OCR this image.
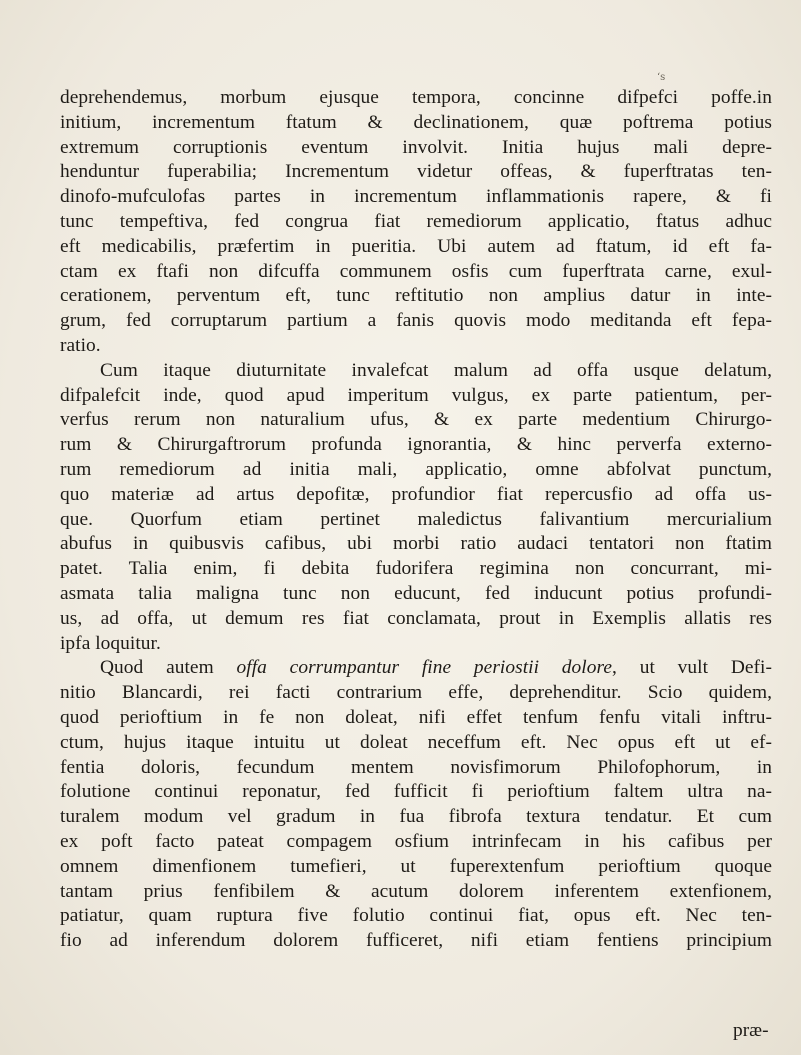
‘s
deprehendemus, morbum ejusque tempora, concinne difpefci poffe.in
initium, incrementum ftatum & declinationem, quæ poftrema potius
extremum corruptionis eventum involvit. Initia hujus mali depre-
henduntur fuperabilia; Incrementum videtur offeas, & fuperftratas ten-
dinofo-mufculofas partes in incrementum inflammationis rapere, & fi
tunc tempeftiva, fed congrua fiat remediorum applicatio, ftatus adhuc
eft medicabilis, præfertim in pueritia. Ubi autem ad ftatum, id eft fa-
ctam ex ftafi non difcuffa communem osfis cum fuperftrata carne, exul-
cerationem, perventum eft, tunc reftitutio non amplius datur in inte-
grum, fed corruptarum partium a fanis quovis modo meditanda eft fepa-
ratio.
Cum itaque diuturnitate invalefcat malum ad offa usque delatum,
difpalefcit inde, quod apud imperitum vulgus, ex parte patientum, per-
verfus rerum non naturalium ufus, & ex parte medentium Chirurgo-
rum & Chirurgaftrorum profunda ignorantia, & hinc perverfa externo-
rum remediorum ad initia mali, applicatio, omne abfolvat punctum,
quo materiæ ad artus depofitæ, profundior fiat repercusfio ad offa us-
que. Quorfum etiam pertinet maledictus falivantium mercurialium
abufus in quibusvis cafibus, ubi morbi ratio audaci tentatori non ftatim
patet. Talia enim, fi debita fudorifera regimina non concurrant, mi-
asmata talia maligna tunc non educunt, fed inducunt potius profundi-
us, ad offa, ut demum res fiat conclamata, prout in Exemplis allatis res
ipfa loquitur.
Quod autem offa corrumpantur fine periostii dolore, ut vult Defi-
nitio Blancardi, rei facti contrarium effe, deprehenditur. Scio quidem,
quod perioftium in fe non doleat, nifi effet tenfum fenfu vitali inftru-
ctum, hujus itaque intuitu ut doleat neceffum eft. Nec opus eft ut ef-
fentia doloris, fecundum mentem novisfimorum Philofophorum, in
folutione continui reponatur, fed fufficit fi perioftium faltem ultra na-
turalem modum vel gradum in fua fibrofa textura tendatur. Et cum
ex poft facto pateat compagem osfium intrinfecam in his cafibus per
omnem dimenfionem tumefieri, ut fuperextenfum perioftium quoque
tantam prius fenfibilem & acutum dolorem inferentem extenfionem,
patiatur, quam ruptura five folutio continui fiat, opus eft. Nec ten-
fio ad inferendum dolorem fufficeret, nifi etiam fentiens principium
præ-
